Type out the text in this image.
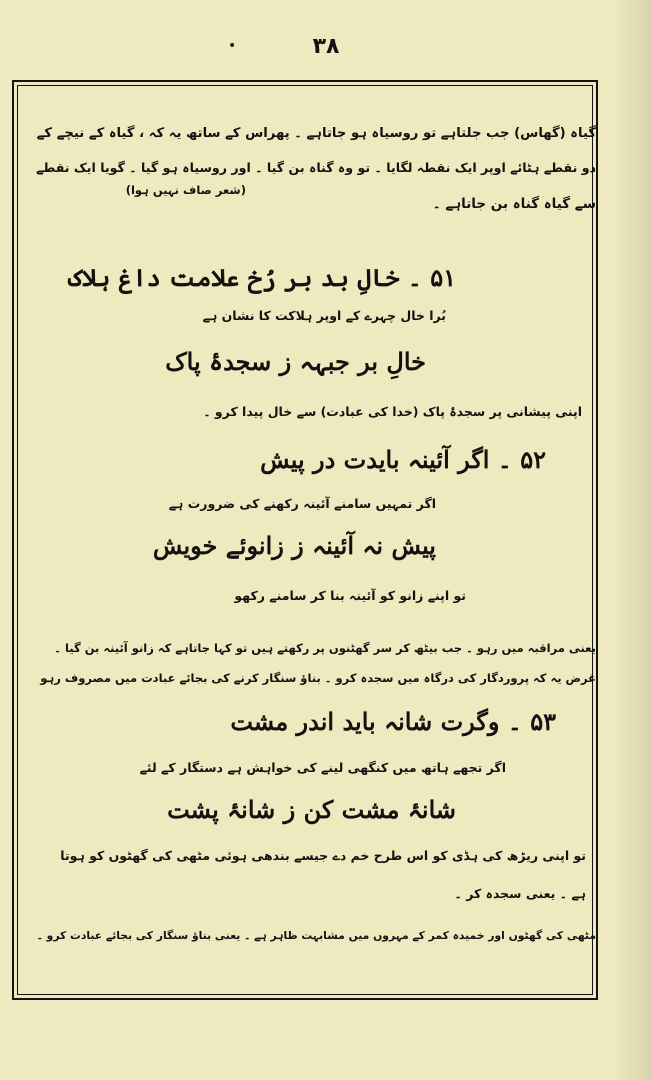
•	۳۸
گیاہ (گھاس) جب جلتاہے تو روسیاہ ہو جاتاہے ۔ پھراس کے ساتھ یہ کہ ، گیاہ کے نیچے کے
دو نقطے ہٹائے اوپر ایک نقطہ لگایا ۔ تو وہ گناہ بن گیا ۔ اور روسیاہ ہو گیا ۔ گویا ایک نقطے
سے گیاہ گناہ بن جاتاہے ۔
(شعر صاف نہیں ہوا)
۵۱ ۔ خالِ بد بر رُخ علامت داغ ہلاک
بُرا خال چہرے کے اوپر ہلاکت کا نشان ہے
خالِ بر جبہہ ز سجدۂ پاک
اپنی پیشانی پر سجدۂ پاک (خدا کی عبادت) سے خال پیدا کرو ۔
۵۲ ۔ اگر آئینہ بایدت در پیش
اگر تمہیں سامنے آئینہ رکھنے کی ضرورت ہے
پیش نہ آئینہ ز زانوئے خویش
تو اپنے زانو کو آئینہ بنا کر سامنے رکھو
یعنی مراقبہ میں رہو ۔ جب بیٹھ کر سر گھٹنوں پر رکھتے ہیں تو کہا جاتاہے کہ زانو آئینہ بن گیا ۔
غرض یہ کہ پروردگار کی درگاہ میں سجدہ کرو ۔ بناؤ سنگار کرنے کی بجائے عبادت میں مصروف رہو
۵۳ ۔ وگرت شانہ باید اندر مشت
اگر تجھے ہاتھ میں کنگھی لینے کی خواہش ہے دستگار کے لئے
شانۂ مشت کن ز شانۂ پشت
تو اپنی ریڑھ کی ہڈی کو اس طرح خم دے جیسے بندھی ہوئی مٹھی کی گھٹوں کو ہوتا
ہے ۔ یعنی سجدہ کر ۔
مٹھی کی گھٹوں اور خمیدہ کمر کے مہروں میں مشابہت ظاہر ہے ۔ یعنی بناؤ سنگار کی بجائے عبادت کرو ۔
